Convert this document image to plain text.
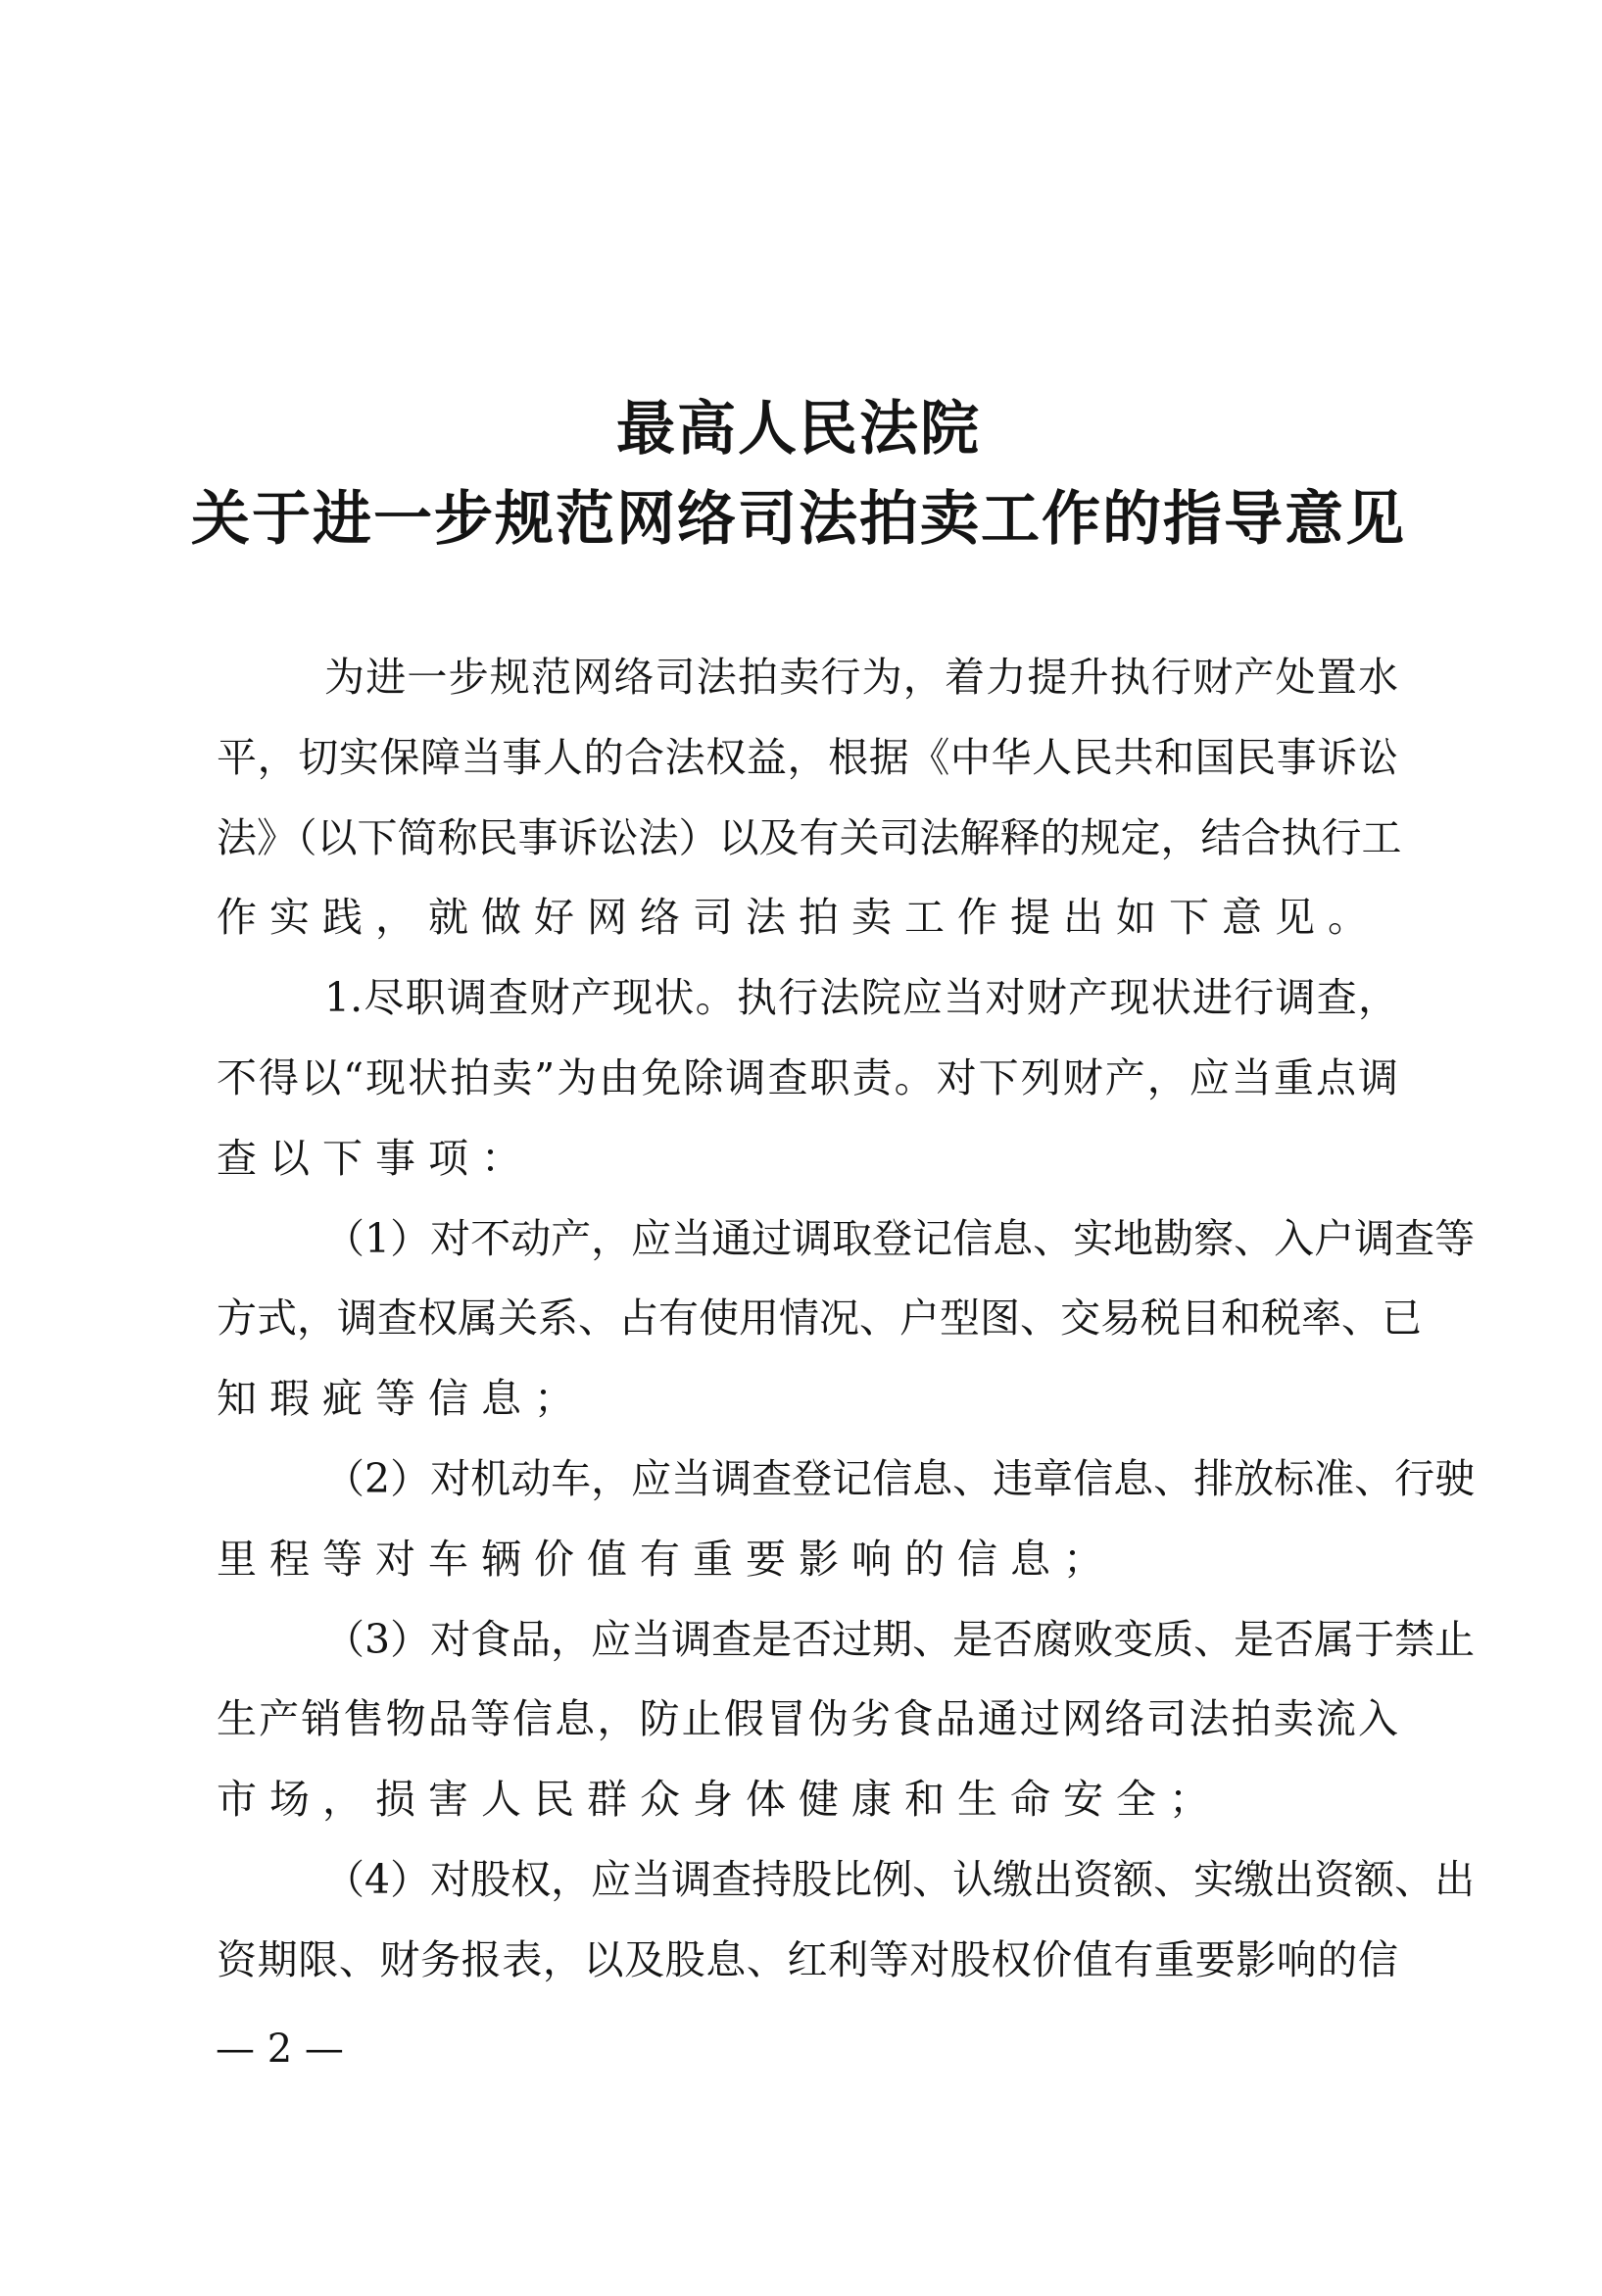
最高人民法院
关于进一步规范网络司法拍卖工作的指导意见
为进一步规范网络司法拍卖行为，着力提升执行财产处置水
平，切实保障当事人的合法权益，根据《中华人民共和国民事诉讼
法》（以下简称民事诉讼法）以及有关司法解释的规定，结合执行工
作实践，就做好网络司法拍卖工作提出如下意见。
1.尽职调查财产现状。执行法院应当对财产现状进行调查，
不得以“现状拍卖”为由免除调查职责。对下列财产，应当重点调
查以下事项：
（1）对不动产，应当通过调取登记信息、实地勘察、入户调查等
方式，调查权属关系、占有使用情况、户型图、交易税目和税率、已
知瑕疵等信息；
（2）对机动车，应当调查登记信息、违章信息、排放标准、行驶
里程等对车辆价值有重要影响的信息；
（3）对食品，应当调查是否过期、是否腐败变质、是否属于禁止
生产销售物品等信息，防止假冒伪劣食品通过网络司法拍卖流入
市场，损害人民群众身体健康和生命安全；
（4）对股权，应当调查持股比例、认缴出资额、实缴出资额、出
资期限、财务报表，以及股息、红利等对股权价值有重要影响的信
— 2 —
